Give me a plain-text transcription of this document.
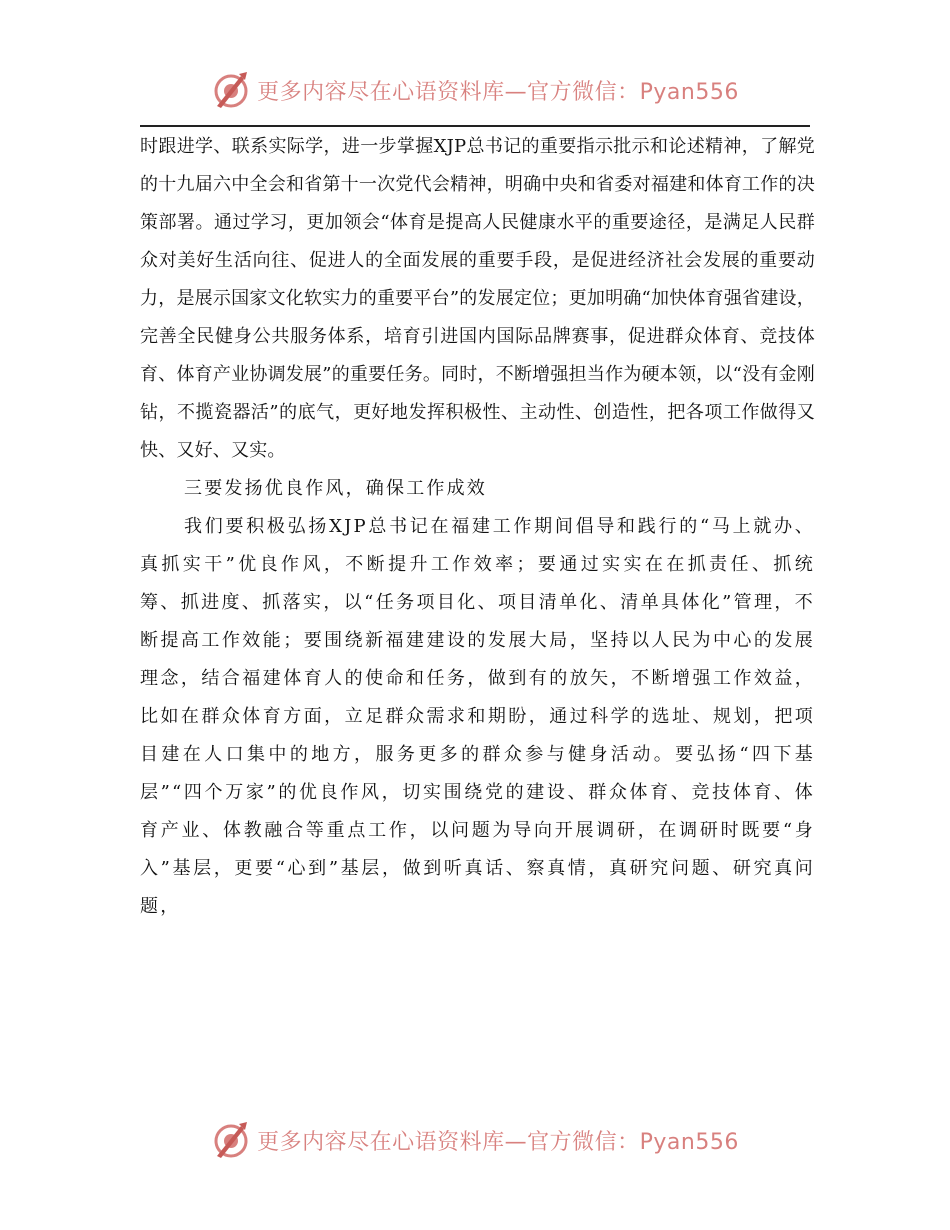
更多内容尽在心语资料库—官方微信：Pyan556

时跟进学、联系实际学，进一步掌握XJP总书记的重要指示批示和论述精神，了解党的十九届六中全会和省第十一次党代会精神，明确中央和省委对福建和体育工作的决策部署。通过学习，更加领会“体育是提高人民健康水平的重要途径，是满足人民群众对美好生活向往、促进人的全面发展的重要手段，是促进经济社会发展的重要动力，是展示国家文化软实力的重要平台”的发展定位；更加明确“加快体育强省建设，完善全民健身公共服务体系，培育引进国内国际品牌赛事，促进群众体育、竞技体育、体育产业协调发展”的重要任务。同时，不断增强担当作为硬本领，以“没有金刚钻，不揽瓷器活”的底气，更好地发挥积极性、主动性、创造性，把各项工作做得又快、又好、又实。

三要发扬优良作风，确保工作成效

我们要积极弘扬XJP总书记在福建工作期间倡导和践行的“马上就办、真抓实干”优良作风，不断提升工作效率；要通过实实在在抓责任、抓统筹、抓进度、抓落实，以“任务项目化、项目清单化、清单具体化”管理，不断提高工作效能；要围绕新福建建设的发展大局，坚持以人民为中心的发展理念，结合福建体育人的使命和任务，做到有的放矢，不断增强工作效益，比如在群众体育方面，立足群众需求和期盼，通过科学的选址、规划，把项目建在人口集中的地方，服务更多的群众参与健身活动。要弘扬“四下基层”“四个万家”的优良作风，切实围绕党的建设、群众体育、竞技体育、体育产业、体教融合等重点工作，以问题为导向开展调研，在调研时既要“身入”基层，更要“心到”基层，做到听真话、察真情，真研究问题、研究真问题，

更多内容尽在心语资料库—官方微信：Pyan556
